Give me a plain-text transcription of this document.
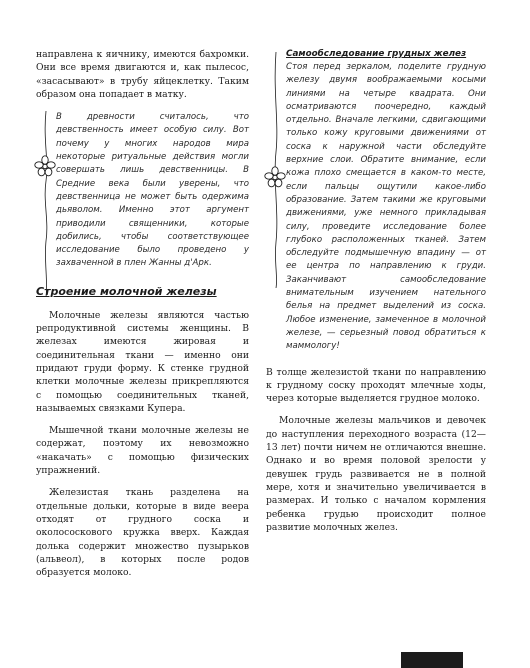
направлена к яичнику, имеются бахромки. Они все время двигаются и, как пылесос, «засасывают» в трубу яйцеклетку. Таким образом она попадает в матку.

В древности считалось, что девственность имеет особую силу. Вот почему у многих народов мира некоторые ритуальные действия могли совершать лишь девственницы. В Средние века были уверены, что девственница не может быть одержима дьяволом. Именно этот аргумент приводили священники, которые добились, чтобы соответствующее исследование было проведено у захваченной в плен Жанны д'Арк.

Строение молочной железы

Молочные железы являются частью репродуктивной системы женщины. В железах имеются жировая и соединительная ткани — именно они придают груди форму. К стенке грудной клетки молочные железы прикрепляются с помощью соединительных тканей, называемых связками Купера.

Мышечной ткани молочные железы не содержат, поэтому их невозможно «накачать» с помощью физических упражнений.

Железистая ткань разделена на отдельные дольки, которые в виде веера отходят от грудного соска и околососкового кружка вверх. Каждая долька содержит множество пузырьков (альвеол), в которых после родов образуется молоко.

Самообследование грудных желез

Стоя перед зеркалом, поделите грудную железу двумя воображаемыми косыми линиями на четыре квадрата. Они осматриваются поочередно, каждый отдельно. Вначале легкими, сдвигающими только кожу круговыми движениями от соска к наружной части обследуйте верхние слои. Обратите внимание, если кожа плохо смещается в каком-то месте, если пальцы ощутили какое-либо образование. Затем такими же круговыми движениями, уже немного прикладывая силу, проведите исследование более глубоко расположенных тканей. Затем обследуйте подмышечную впадину — от ее центра по направлению к груди. Заканчивают самообследование внимательным изучением нательного белья на предмет выделений из соска. Любое изменение, замеченное в молочной железе, — серьезный повод обратиться к маммологу!

В толще железистой ткани по направлению к грудному соску проходят млечные ходы, через которые выделяется грудное молоко.

Молочные железы мальчиков и девочек до наступления переходного возраста (12—13 лет) почти ничем не отличаются внешне. Однако и во время половой зрелости у девушек грудь развивается не в полной мере, хотя и значительно увеличивается в размерах. И только с началом кормления ребенка грудью происходит полное развитие молочных желез.
